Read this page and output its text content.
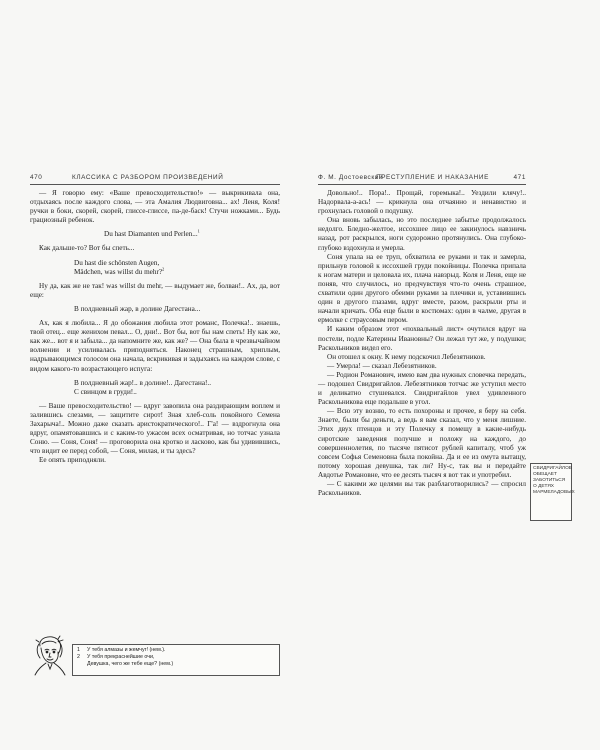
470	КЛАССИКА С РАЗБОРОМ ПРОИЗВЕДЕНИЙ	Ф. М. Достоевский
ПРЕСТУПЛЕНИЕ И НАКАЗАНИЕ	471

— Я говорю ему: «Ваше превосходительство!» — выкрикивала она, отдыхаясь после каждого слова, — эта Амалия Людвиговна... ах! Леня, Коля! ручки в боки, скорей, скорей, глиссе-глиссе, па-де-баск! Стучи ножками... Будь грациозный ребенок.

Du hast Diamanten und Perlen...$^1$

Как дальше-то? Вот бы спеть...

Du hast die schönsten Augen,
Mädchen, was willst du mehr?$^2$

Ну да, как же не так! was willst du mehr, — выдумает же, болван!.. Ах, да, вот еще:

В полдневный жар, в долине Дагестана...

Ах, как я любила... Я до обожания любила этот романс, Полечка!.. знаешь, твой отец... еще женихом певал... О, дни!.. Вот бы, вот бы нам спеть! Ну как же, как же... вот я и забыла... да напомните же, как же? — Она была в чрезвычайном волнении и усиливалась приподняться. Наконец страшным, хриплым, надрывающимся голосом она начала, вскрикивая и задыхаясь на каждом слове, с видом какого-то возрастающего испуга:

В полдневный жар!.. в долине!.. Дагестана!..
С свинцом в груди!..

— Ваше превосходительство! — вдруг завопила она раздирающим воплем и залившись слезами, — защитите сирот! Зная хлеб-соль покойного Семена Захарыча!.. Можно даже сказать аристократического!.. Г'а! — вздрогнула она вдруг, опамятовавшись и с каким-то ужасом всех осматривая, но тотчас узнала Соню. — Соня, Соня! — проговорила она кротко и ласково, как бы удивившись, что видит ее перед собой, — Соня, милая, и ты здесь?

Ее опять приподняли.

1	У тебя алмазы и жемчуг! (нем.).
2	У тебя прекраснейшие очи,
Девушка, чего же тебе еще? (нем.)

Довольно!.. Пора!.. Прощай, горемыка!.. Уездили клячу!.. Надорвала-а-ась! — крикнула она отчаянно и ненавистно и грохнулась головой о подушку.

Она вновь забылась, но это последнее забытье продолжалось недолго. Бледно-желтое, иссохшее лицо ее закинулось навзничь назад, рот раскрылся, ноги судорожно протянулись. Она глубоко-глубоко вздохнула и умерла.

Соня упала на ее труп, обхватила ее руками и так и замерла, прильнув головой к иссохшей груди покойницы. Полечка припала к ногам матери и целовала их, плача навзрыд. Коля и Леня, еще не поняв, что случилось, но предчувствуя что-то очень страшное, схватили один другого обеими руками за плечики и, уставившись один в другого глазами, вдруг вместе, разом, раскрыли рты и начали кричать. Оба еще были в костюмах: один в чалме, другая в ермолке с страусовым пером.

И каким образом этот «похвальный лист» очутился вдруг на постели, подле Катерины Ивановны? Он лежал тут же, у подушки; Раскольников видел его.

Он отошел к окну. К нему подскочил Лебезятников.

— Умерла! — сказал Лебезятников.

— Родион Романович, имею вам два нужных словечка передать, — подошел Свидригайлов. Лебезятников тотчас же уступил место и деликатно стушевался. Свидригайлов увел удивленного Раскольникова еще подальше в угол.

— Всю эту возню, то есть похороны и прочее, я беру на себя. Знаете, были бы деньги, а ведь я вам сказал, что у меня лишние. Этих двух птенцов и эту Полечку я помещу в какие-нибудь сиротские заведения получше и положу на каждого, до совершеннолетия, по тысяче пятисот рублей капиталу, чтоб уж совсем Софья Семеновна была покойна. Да и ее из омута вытащу, потому хорошая девушка, так ли? Ну-с, так вы и передайте Авдотье Романовне, что ее десять тысяч я вот так и употребил.

— С какими же целями вы так разблаготворились? — спросил Раскольников.

СВИДРИГАЙЛОВ ОБЕЩАЕТ ЗАБОТИТЬСЯ О ДЕТЯХ МАРМЕЛАДОВЫХ
